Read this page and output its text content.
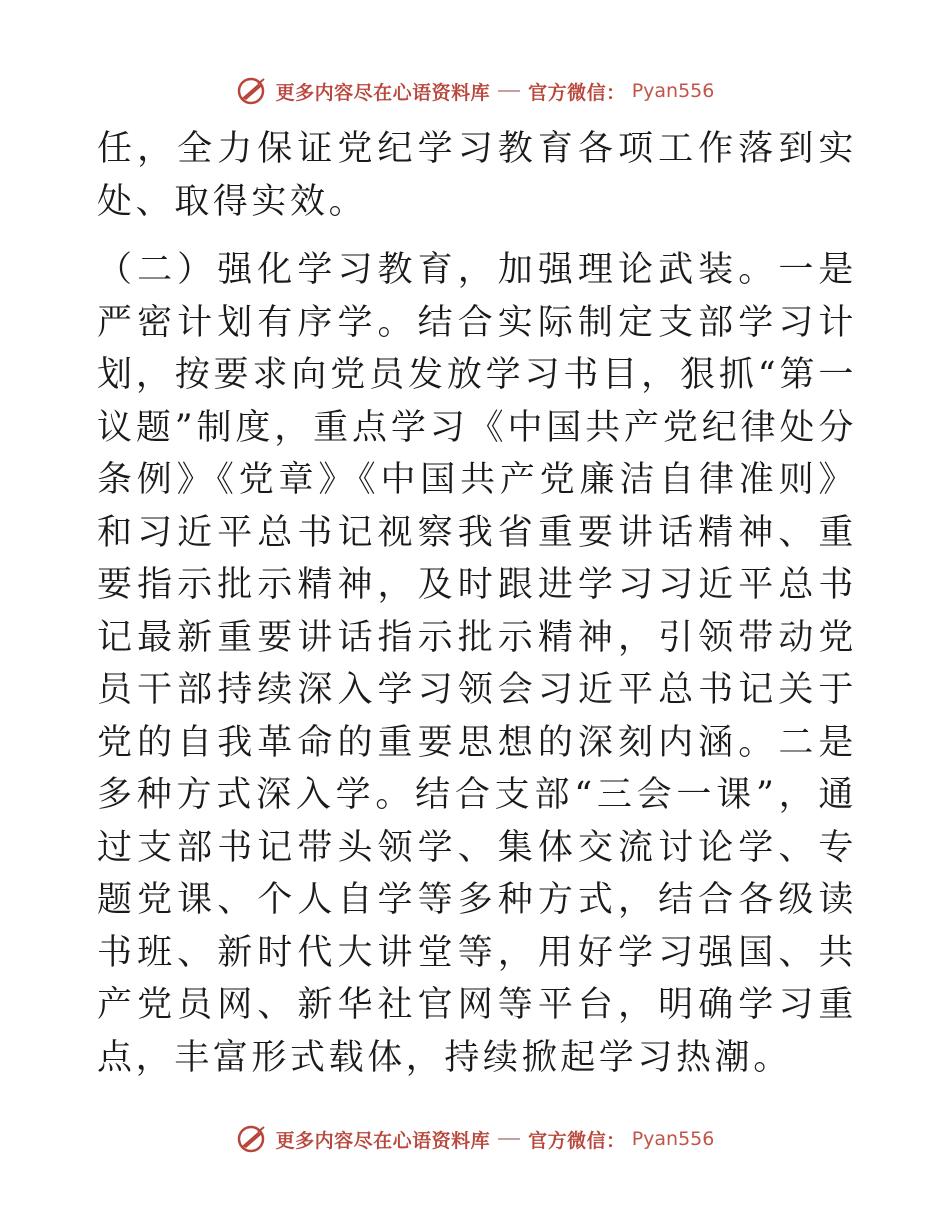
更多内容尽在心语资料库 官方微信： Pyan556

任，全力保证党纪学习教育各项工作落到实处、取得实效。

（二）强化学习教育，加强理论武装。一是严密计划有序学。结合实际制定支部学习计划，按要求向党员发放学习书目，狠抓“第一议题”制度，重点学习《中国共产党纪律处分条例》《党章》《中国共产党廉洁自律准则》和习近平总书记视察我省重要讲话精神、重要指示批示精神，及时跟进学习习近平总书记最新重要讲话指示批示精神，引领带动党员干部持续深入学习领会习近平总书记关于党的自我革命的重要思想的深刻内涵。二是多种方式深入学。结合支部“三会一课”，通过支部书记带头领学、集体交流讨论学、专题党课、个人自学等多种方式，结合各级读书班、新时代大讲堂等，用好学习强国、共产党员网、新华社官网等平台，明确学习重点，丰富形式载体，持续掀起学习热潮。

更多内容尽在心语资料库 官方微信： Pyan556
